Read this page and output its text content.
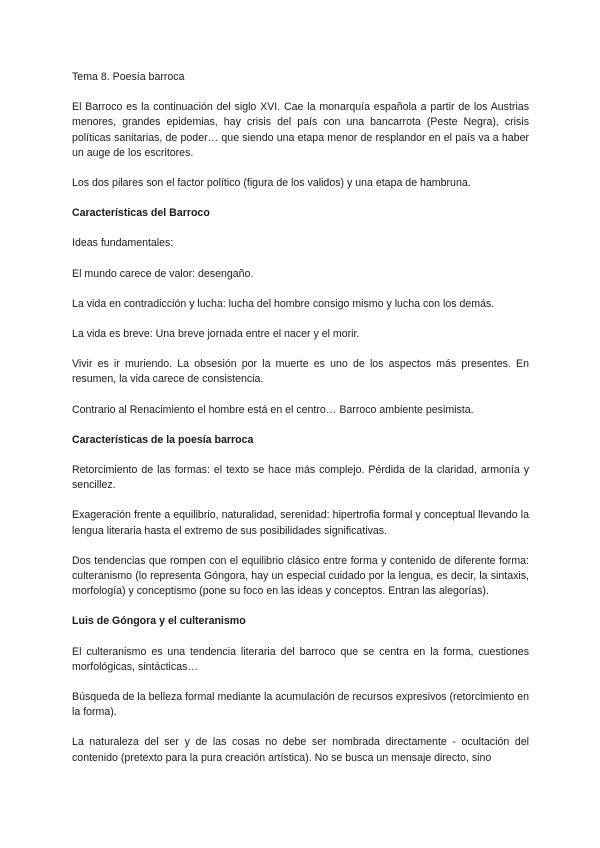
Tema 8. Poesía barroca

El Barroco es la continuación del siglo XVI. Cae la monarquía española a partir de los Austrias menores, grandes epidemias, hay crisis del país con una bancarrota (Peste Negra), crisis políticas sanitarias, de poder… que siendo una etapa menor de resplandor en el país va a haber un auge de los escritores.

Los dos pilares son el factor político (figura de los validos) y una etapa de hambruna.

Características del Barroco

Ideas fundamentales:

El mundo carece de valor: desengaño.

La vida en contradicción y lucha: lucha del hombre consigo mismo y lucha con los demás.

La vida es breve: Una breve jornada entre el nacer y el morir.

Vivir es ir muriendo. La obsesión por la muerte es uno de los aspectos más presentes. En resumen, la vida carece de consistencia.

Contrario al Renacimiento el hombre está en el centro… Barroco ambiente pesimista.

Características de la poesía barroca

Retorcimiento de las formas: el texto se hace más complejo. Pérdida de la claridad, armonía y sencillez.

Exageración frente a equilibrio, naturalidad, serenidad: hipertrofia formal y conceptual llevando la lengua literaria hasta el extremo de sus posibilidades significativas.

Dos tendencias que rompen con el equilibrio clásico entre forma y contenido de diferente forma: culteranismo (lo representa Góngora, hay un especial cuidado por la lengua, es decir, la sintaxis, morfología) y conceptismo (pone su foco en las ideas y conceptos. Entran las alegorías).

Luis de Góngora y el culteranismo

El culteranismo es una tendencia literaria del barroco que se centra en la forma, cuestiones morfológicas, sintácticas…

Búsqueda de la belleza formal mediante la acumulación de recursos expresivos (retorcimiento en la forma).

La naturaleza del ser y de las cosas no debe ser nombrada directamente - ocultación del contenido (pretexto para la pura creación artística). No se busca un mensaje directo, sino
